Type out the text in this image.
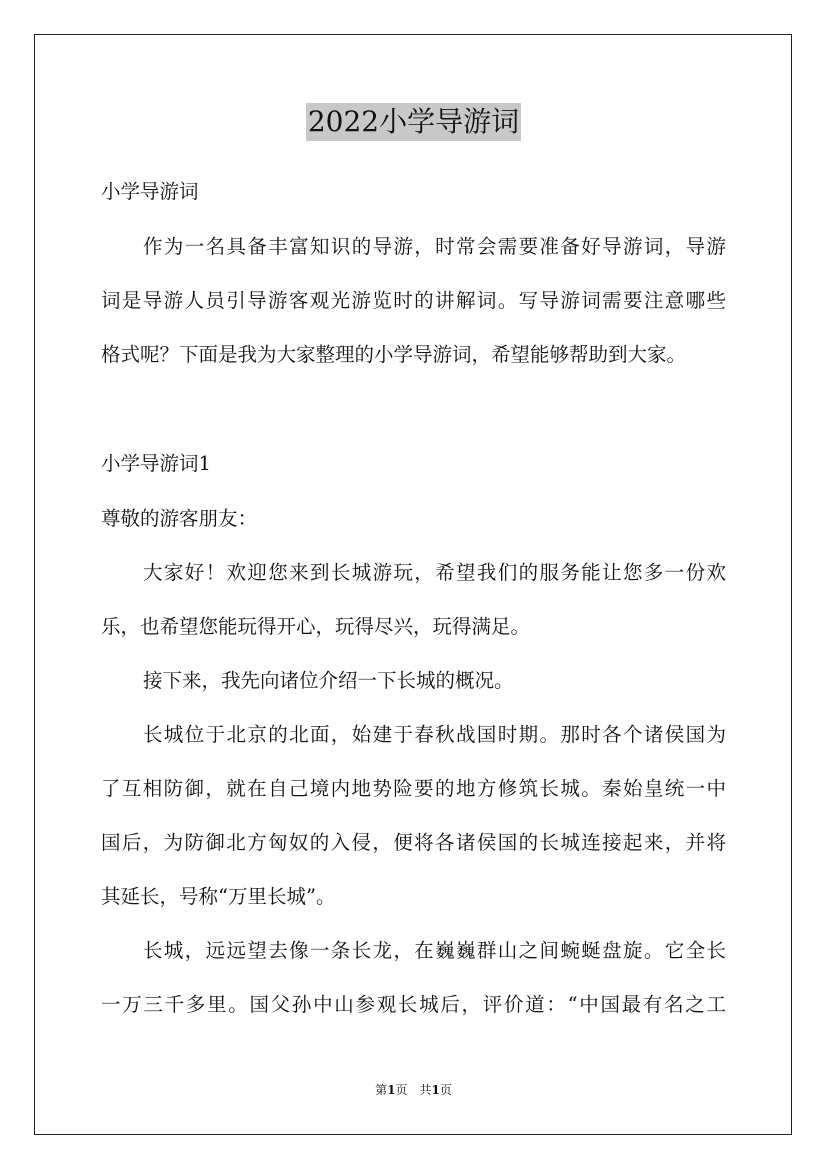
2022小学导游词
小学导游词
作为一名具备丰富知识的导游，时常会需要准备好导游词，导游
词是导游人员引导游客观光游览时的讲解词。写导游词需要注意哪些
格式呢？下面是我为大家整理的小学导游词，希望能够帮助到大家。
小学导游词1
尊敬的游客朋友：
大家好！欢迎您来到长城游玩，希望我们的服务能让您多一份欢
乐，也希望您能玩得开心，玩得尽兴，玩得满足。
接下来，我先向诸位介绍一下长城的概况。
长城位于北京的北面，始建于春秋战国时期。那时各个诸侯国为
了互相防御，就在自己境内地势险要的地方修筑长城。秦始皇统一中
国后，为防御北方匈奴的入侵，便将各诸侯国的长城连接起来，并将
其延长，号称“万里长城”。
长城，远远望去像一条长龙，在巍巍群山之间蜿蜒盘旋。它全长
一万三千多里。国父孙中山参观长城后，评价道：“中国最有名之工
第1页　共1页
